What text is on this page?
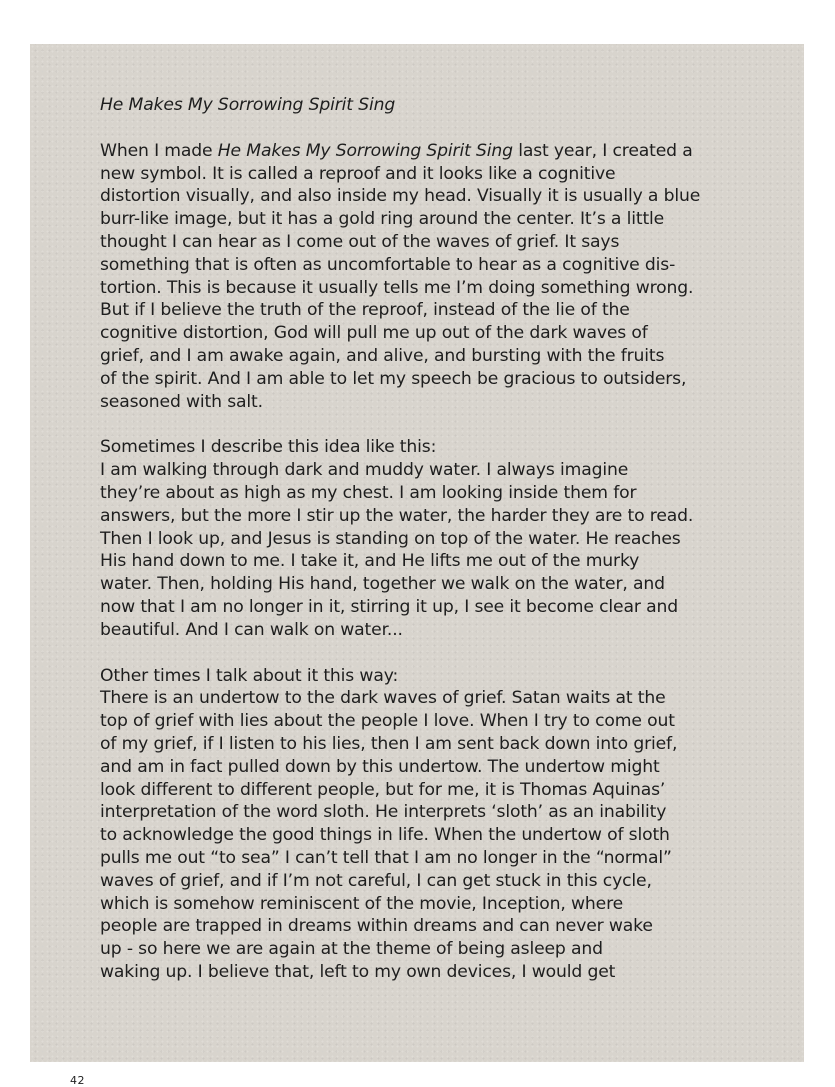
He Makes My Sorrowing Spirit Sing
When I made He Makes My Sorrowing Spirit Sing last year, I created a
new symbol. It is called a reproof and it looks like a cognitive
distortion visually, and also inside my head. Visually it is usually a blue
burr-like image, but it has a gold ring around the center. It’s a little
thought I can hear as I come out of the waves of grief. It says
something that is often as uncomfortable to hear as a cognitive dis-
tortion. This is because it usually tells me I’m doing something wrong.
But if I believe the truth of the reproof, instead of the lie of the
cognitive distortion, God will pull me up out of the dark waves of
grief, and I am awake again, and alive, and bursting with the fruits
of the spirit. And I am able to let my speech be gracious to outsiders,
seasoned with salt.
Sometimes I describe this idea like this:
I am walking through dark and muddy water. I always imagine
they’re about as high as my chest. I am looking inside them for
answers, but the more I stir up the water, the harder they are to read.
Then I look up, and Jesus is standing on top of the water. He reaches
His hand down to me. I take it, and He lifts me out of the murky
water. Then, holding His hand, together we walk on the water, and
now that I am no longer in it, stirring it up, I see it become clear and
beautiful. And I can walk on water...
Other times I talk about it this way:
There is an undertow to the dark waves of grief. Satan waits at the
top of grief with lies about the people I love. When I try to come out
of my grief, if I listen to his lies, then I am sent back down into grief,
and am in fact pulled down by this undertow. The undertow might
look different to different people, but for me, it is Thomas Aquinas’
interpretation of the word sloth. He interprets ‘sloth’ as an inability
to acknowledge the good things in life. When the undertow of sloth
pulls me out “to sea” I can’t tell that I am no longer in the “normal”
waves of grief, and if I’m not careful, I can get stuck in this cycle,
which is somehow reminiscent of the movie, Inception, where
people are trapped in dreams within dreams and can never wake
up - so here we are again at the theme of being asleep and
waking up. I believe that, left to my own devices, I would get
42
